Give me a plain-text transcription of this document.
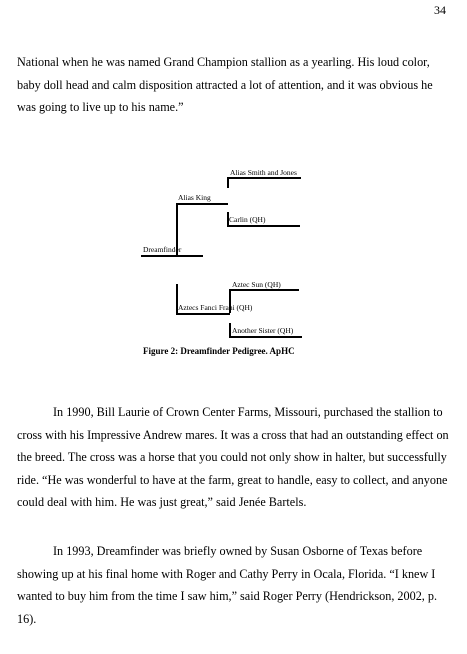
34

National when he was named Grand Champion stallion as a yearling. His loud color,
baby doll head and calm disposition attracted a lot of attention, and it was obvious he
was going to live up to his name.”

Alias Smith and Jones
Alias King
Carlin (QH)
Dreamfinder
Aztec Sun (QH)
Aztecs Fanci Frani (QH)
Another Sister (QH)
Figure 2: Dreamfinder Pedigree. ApHC

In 1990, Bill Laurie of Crown Center Farms, Missouri, purchased the stallion to
cross with his Impressive Andrew mares. It was a cross that had an outstanding effect on
the breed. The cross was a horse that you could not only show in halter, but successfully
ride. “He was wonderful to have at the farm, great to handle, easy to collect, and anyone
could deal with him. He was just great,” said Jenée Bartels.

In 1993, Dreamfinder was briefly owned by Susan Osborne of Texas before
showing up at his final home with Roger and Cathy Perry in Ocala, Florida. “I knew I
wanted to buy him from the time I saw him,” said Roger Perry (Hendrickson, 2002, p.
16).
